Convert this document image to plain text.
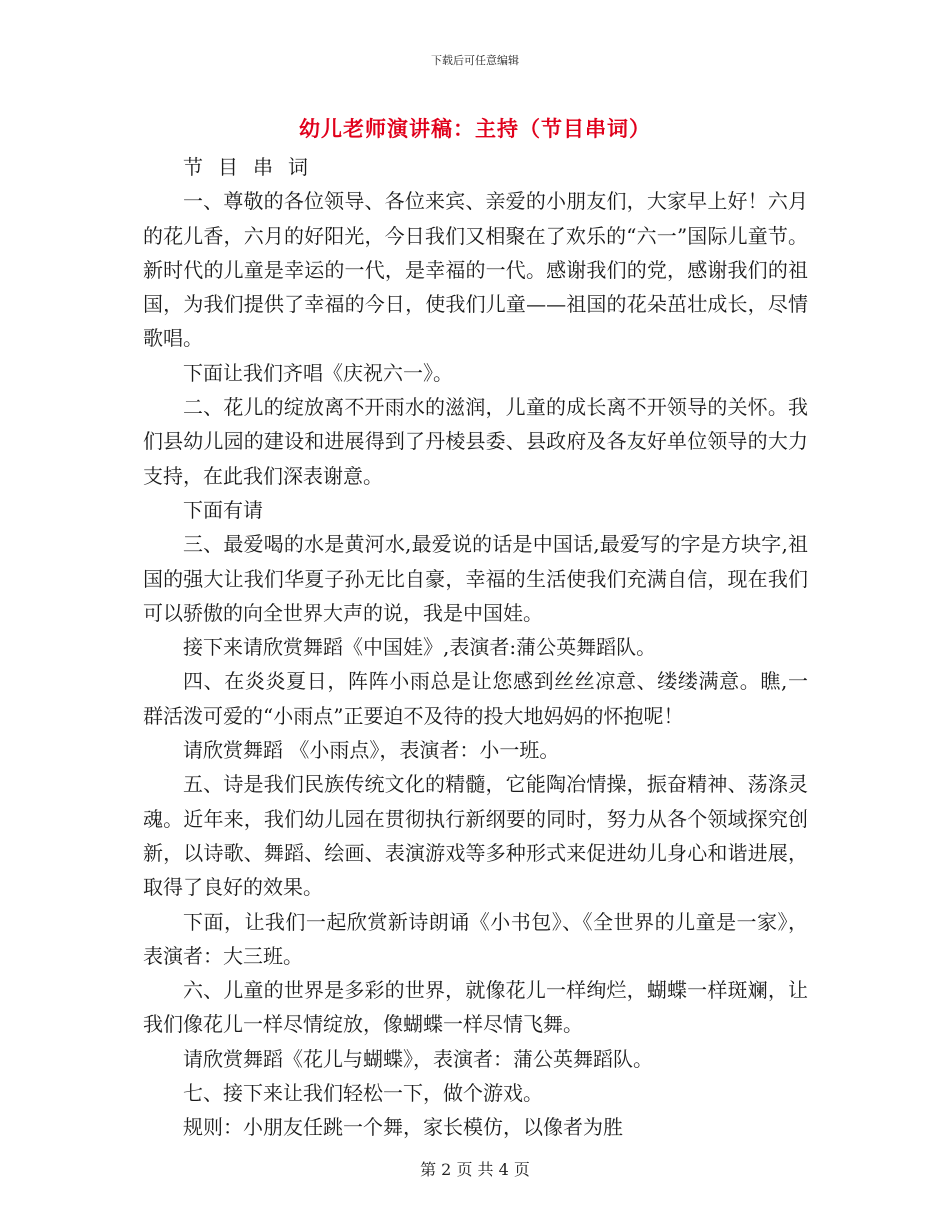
下载后可任意编辑
幼儿老师演讲稿：主持（节目串词）

节目串词

一、尊敬的各位领导、各位来宾、亲爱的小朋友们，大家早上好！六月的花儿香，六月的好阳光，今日我们又相聚在了欢乐的“六一”国际儿童节。新时代的儿童是幸运的一代，是幸福的一代。感谢我们的党，感谢我们的祖国，为我们提供了幸福的今日，使我们儿童——祖国的花朵茁壮成长，尽情歌唱。

下面让我们齐唱《庆祝六一》。

二、花儿的绽放离不开雨水的滋润，儿童的成长离不开领导的关怀。我们县幼儿园的建设和进展得到了丹棱县委、县政府及各友好单位领导的大力支持，在此我们深表谢意。

下面有请

三、最爱喝的水是黄河水,最爱说的话是中国话,最爱写的字是方块字,祖国的强大让我们华夏子孙无比自豪，幸福的生活使我们充满自信，现在我们可以骄傲的向全世界大声的说，我是中国娃。

接下来请欣赏舞蹈《中国娃》,表演者:蒲公英舞蹈队。

四、在炎炎夏日，阵阵小雨总是让您感到丝丝凉意、缕缕满意。瞧,一群活泼可爱的“小雨点”正要迫不及待的投大地妈妈的怀抱呢！

请欣赏舞蹈 《小雨点》，表演者：小一班。

五、诗是我们民族传统文化的精髓，它能陶冶情操，振奋精神、荡涤灵魂。近年来，我们幼儿园在贯彻执行新纲要的同时，努力从各个领域探究创新，以诗歌、舞蹈、绘画、表演游戏等多种形式来促进幼儿身心和谐进展，取得了良好的效果。

下面，让我们一起欣赏新诗朗诵《小书包》、《全世界的儿童是一家》，表演者：大三班。

六、儿童的世界是多彩的世界，就像花儿一样绚烂，蝴蝶一样斑斓，让我们像花儿一样尽情绽放，像蝴蝶一样尽情飞舞。

请欣赏舞蹈《花儿与蝴蝶》，表演者：蒲公英舞蹈队。

七、接下来让我们轻松一下，做个游戏。

规则：小朋友任跳一个舞，家长模仿，以像者为胜

第 2 页 共 4 页
